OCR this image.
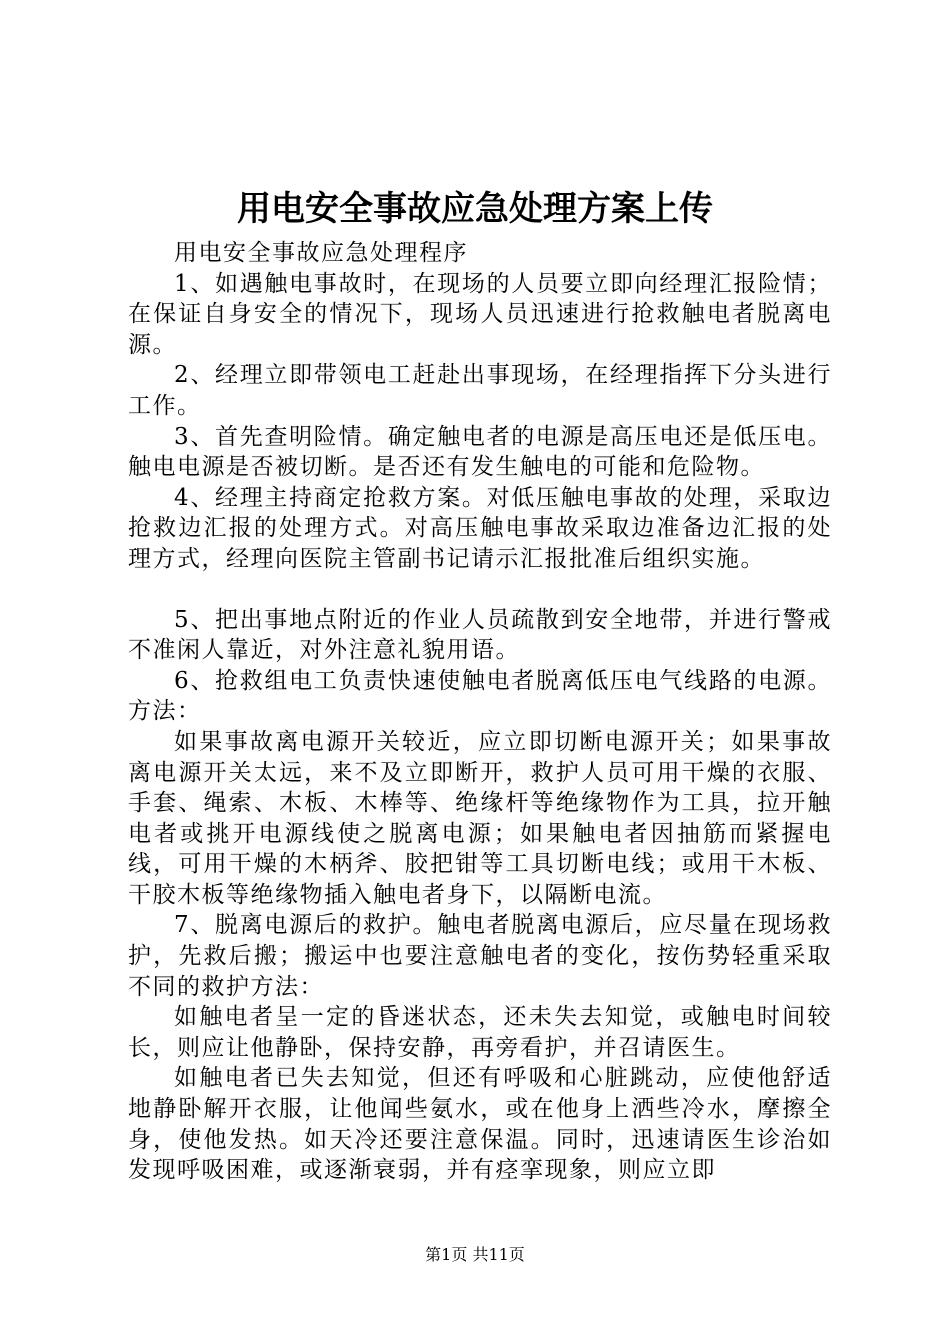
用电安全事故应急处理方案上传

用电安全事故应急处理程序

1、如遇触电事故时，在现场的人员要立即向经理汇报险情；在保证自身安全的情况下，现场人员迅速进行抢救触电者脱离电源。

2、经理立即带领电工赶赴出事现场，在经理指挥下分头进行工作。

3、首先查明险情。确定触电者的电源是高压电还是低压电。触电电源是否被切断。是否还有发生触电的可能和危险物。

4、经理主持商定抢救方案。对低压触电事故的处理，采取边抢救边汇报的处理方式。对高压触电事故采取边准备边汇报的处理方式，经理向医院主管副书记请示汇报批准后组织实施。

5、把出事地点附近的作业人员疏散到安全地带，并进行警戒不准闲人靠近，对外注意礼貌用语。

6、抢救组电工负责快速使触电者脱离低压电气线路的电源。方法：

如果事故离电源开关较近，应立即切断电源开关；如果事故离电源开关太远，来不及立即断开，救护人员可用干燥的衣服、手套、绳索、木板、木棒等、绝缘杆等绝缘物作为工具，拉开触电者或挑开电源线使之脱离电源；如果触电者因抽筋而紧握电线，可用干燥的木柄斧、胶把钳等工具切断电线；或用干木板、干胶木板等绝缘物插入触电者身下，以隔断电流。

7、脱离电源后的救护。触电者脱离电源后，应尽量在现场救护，先救后搬；搬运中也要注意触电者的变化，按伤势轻重采取不同的救护方法：

如触电者呈一定的昏迷状态，还未失去知觉，或触电时间较长，则应让他静卧，保持安静，再旁看护，并召请医生。

如触电者已失去知觉，但还有呼吸和心脏跳动，应使他舒适地静卧解开衣服，让他闻些氨水，或在他身上洒些冷水，摩擦全身，使他发热。如天冷还要注意保温。同时，迅速请医生诊治如发现呼吸困难，或逐渐衰弱，并有痉挛现象，则应立即

第1页 共11页
